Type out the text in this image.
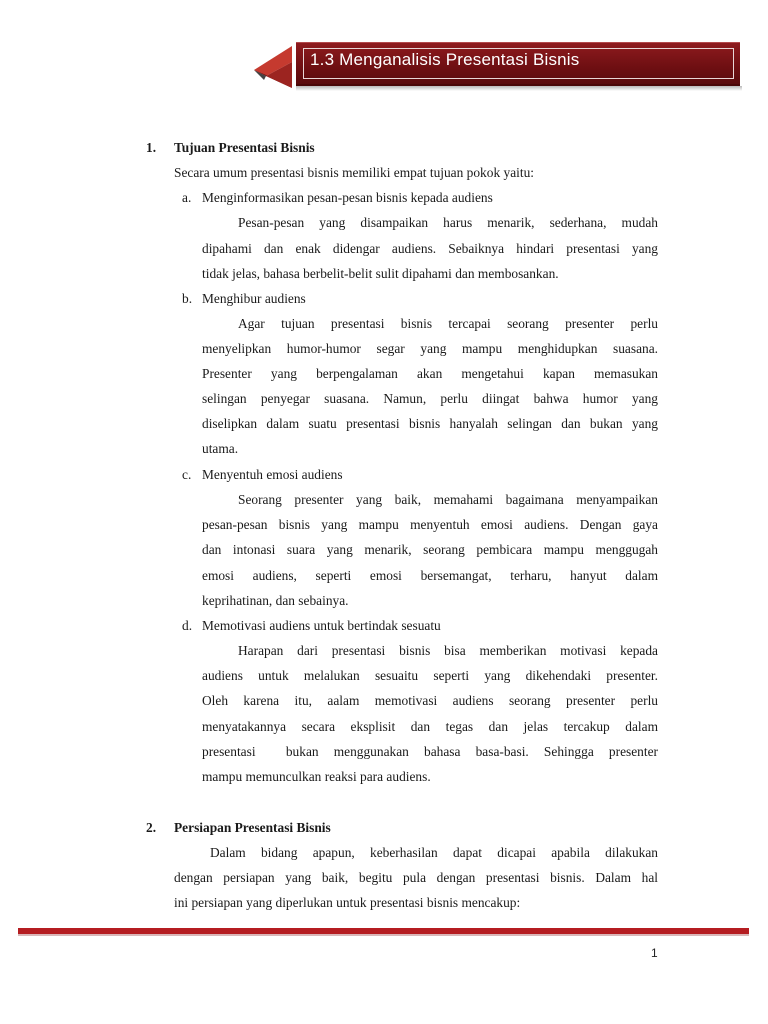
1.3 Menganalisis Presentasi Bisnis
1. Tujuan Presentasi Bisnis
Secara umum presentasi bisnis memiliki empat tujuan pokok yaitu:
a. Menginformasikan pesan-pesan bisnis kepada audiens
Pesan-pesan yang disampaikan harus menarik, sederhana, mudah
dipahami dan enak didengar audiens. Sebaiknya hindari presentasi yang
tidak jelas, bahasa berbelit-belit sulit dipahami dan membosankan.
b. Menghibur audiens
Agar tujuan presentasi bisnis tercapai seorang presenter perlu
menyelipkan humor-humor segar yang mampu menghidupkan suasana.
Presenter yang berpengalaman akan mengetahui kapan memasukan
selingan penyegar suasana. Namun, perlu diingat bahwa humor yang
diselipkan dalam suatu presentasi bisnis hanyalah selingan dan bukan yang
utama.
c. Menyentuh emosi audiens
Seorang presenter yang baik, memahami bagaimana menyampaikan
pesan-pesan bisnis yang mampu menyentuh emosi audiens. Dengan gaya
dan intonasi suara yang menarik, seorang pembicara mampu menggugah
emosi audiens, seperti emosi bersemangat, terharu, hanyut dalam
keprihatinan, dan sebainya.
d. Memotivasi audiens untuk bertindak sesuatu
Harapan dari presentasi bisnis bisa memberikan motivasi kepada
audiens untuk melalukan sesuaitu seperti yang dikehendaki presenter.
Oleh karena itu, aalam memotivasi audiens seorang presenter perlu
menyatakannya secara eksplisit dan tegas dan jelas tercakup dalam
presentasi  bukan menggunakan bahasa basa-basi. Sehingga presenter
mampu memunculkan reaksi para audiens.
2. Persiapan Presentasi Bisnis
Dalam bidang apapun, keberhasilan dapat dicapai apabila dilakukan
dengan persiapan yang baik, begitu pula dengan presentasi bisnis. Dalam hal
ini persiapan yang diperlukan untuk presentasi bisnis mencakup:
1
